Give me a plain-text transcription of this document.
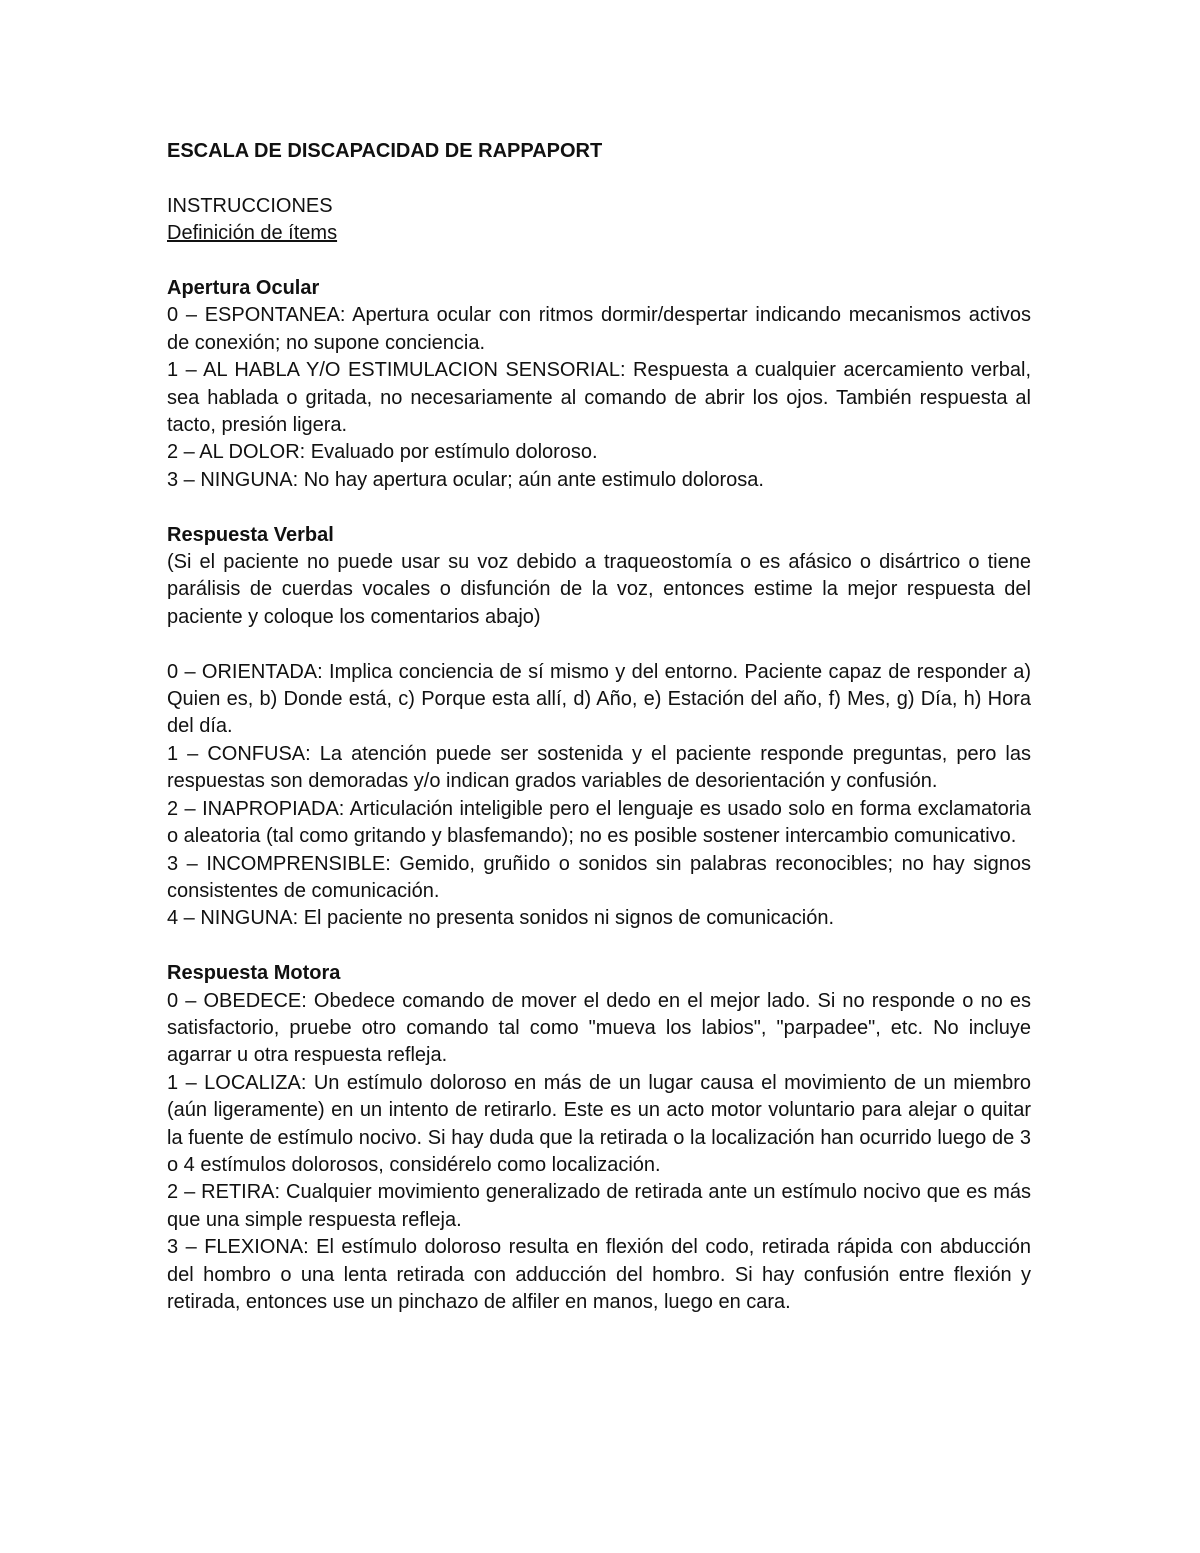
ESCALA DE DISCAPACIDAD DE RAPPAPORT

INSTRUCCIONES

Definición de ítems

Apertura Ocular

0 – ESPONTANEA: Apertura ocular con ritmos dormir/despertar indicando mecanismos activos de conexión; no supone conciencia.

1 – AL HABLA Y/O ESTIMULACION SENSORIAL: Respuesta a cualquier acercamiento verbal, sea hablada o gritada, no necesariamente al comando de abrir los ojos. También respuesta al tacto, presión ligera.

2 – AL DOLOR: Evaluado por estímulo doloroso.

3 – NINGUNA: No hay apertura ocular; aún ante estimulo dolorosa.

Respuesta Verbal

(Si el paciente no puede usar su voz debido a traqueostomía o es afásico o disártrico o tiene parálisis de cuerdas vocales o disfunción de la voz, entonces estime la mejor respuesta del paciente y coloque los comentarios abajo)

0 – ORIENTADA: Implica conciencia de sí mismo y del entorno. Paciente capaz de responder a) Quien es, b) Donde está, c) Porque esta allí, d) Año, e) Estación del año, f) Mes, g) Día, h) Hora del día.

1 – CONFUSA: La atención puede ser sostenida y el paciente responde preguntas, pero las respuestas son demoradas y/o indican grados variables de desorientación y confusión.

2 – INAPROPIADA: Articulación inteligible pero el lenguaje es usado solo en forma exclamatoria o aleatoria (tal como gritando y blasfemando); no es posible sostener intercambio comunicativo.

3 – INCOMPRENSIBLE: Gemido, gruñido o sonidos sin palabras reconocibles; no hay signos consistentes de comunicación.

4 – NINGUNA: El paciente no presenta sonidos ni signos de comunicación.

Respuesta Motora

0 – OBEDECE: Obedece comando de mover el dedo en el mejor lado. Si no responde o no es satisfactorio, pruebe otro comando tal como "mueva los labios", "parpadee", etc. No incluye agarrar u otra respuesta refleja.

1 – LOCALIZA: Un estímulo doloroso en más de un lugar causa el movimiento de un miembro (aún ligeramente) en un intento de retirarlo. Este es un acto motor voluntario para alejar o quitar la fuente de estímulo nocivo. Si hay duda que la retirada o la localización han ocurrido luego de 3 o 4 estímulos dolorosos, considérelo como localización.

2 – RETIRA: Cualquier movimiento generalizado de retirada ante un estímulo nocivo que es más que una simple respuesta refleja.

3 – FLEXIONA: El estímulo doloroso resulta en flexión del codo, retirada rápida con abducción del hombro o una lenta retirada con adducción del hombro. Si hay confusión entre flexión y retirada, entonces use un pinchazo de alfiler en manos, luego en cara.
